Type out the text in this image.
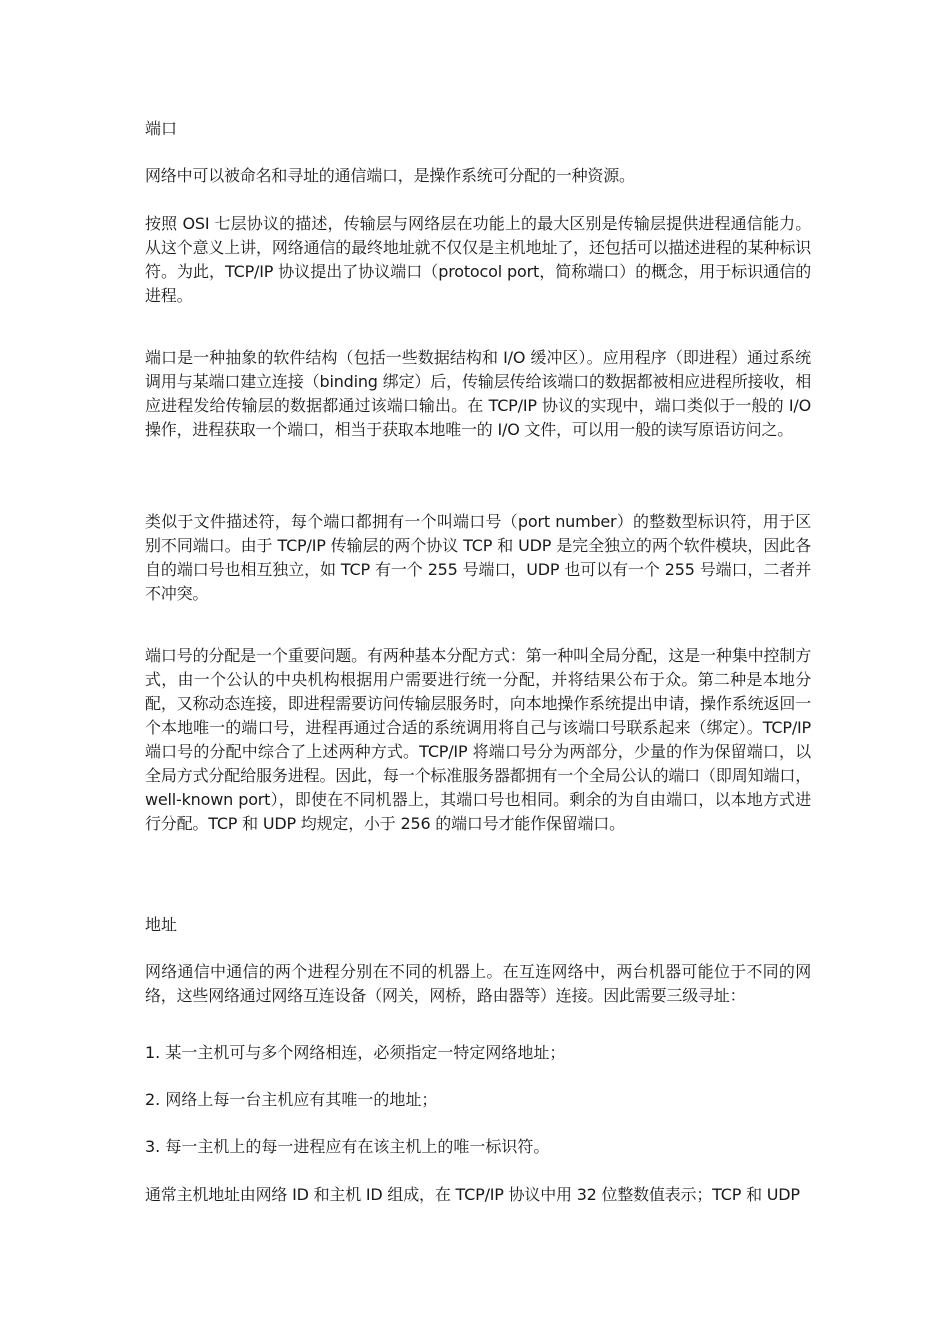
端口

网络中可以被命名和寻址的通信端口，是操作系统可分配的一种资源。

按照 OSI 七层协议的描述，传输层与网络层在功能上的最大区别是传输层提供进程通信能力。从这个意义上讲，网络通信的最终地址就不仅仅是主机地址了，还包括可以描述进程的某种标识符。为此，TCP/IP 协议提出了协议端口（protocol port，简称端口）的概念，用于标识通信的进程。

端口是一种抽象的软件结构（包括一些数据结构和 I/O 缓冲区）。应用程序（即进程）通过系统调用与某端口建立连接（binding 绑定）后，传输层传给该端口的数据都被相应进程所接收，相应进程发给传输层的数据都通过该端口输出。在 TCP/IP 协议的实现中，端口类似于一般的 I/O 操作，进程获取一个端口，相当于获取本地唯一的 I/O 文件，可以用一般的读写原语访问之。

类似于文件描述符，每个端口都拥有一个叫端口号（port number）的整数型标识符，用于区别不同端口。由于 TCP/IP 传输层的两个协议 TCP 和 UDP 是完全独立的两个软件模块，因此各自的端口号也相互独立，如 TCP 有一个 255 号端口，UDP 也可以有一个 255 号端口，二者并不冲突。

端口号的分配是一个重要问题。有两种基本分配方式：第一种叫全局分配，这是一种集中控制方式，由一个公认的中央机构根据用户需要进行统一分配，并将结果公布于众。第二种是本地分配，又称动态连接，即进程需要访问传输层服务时，向本地操作系统提出申请，操作系统返回一个本地唯一的端口号，进程再通过合适的系统调用将自己与该端口号联系起来（绑定）。TCP/IP 端口号的分配中综合了上述两种方式。TCP/IP 将端口号分为两部分，少量的作为保留端口，以全局方式分配给服务进程。因此，每一个标准服务器都拥有一个全局公认的端口（即周知端口，well-known port），即使在不同机器上，其端口号也相同。剩余的为自由端口，以本地方式进行分配。TCP 和 UDP 均规定，小于 256 的端口号才能作保留端口。

地址

网络通信中通信的两个进程分别在不同的机器上。在互连网络中，两台机器可能位于不同的网络，这些网络通过网络互连设备（网关，网桥，路由器等）连接。因此需要三级寻址：

1. 某一主机可与多个网络相连，必须指定一特定网络地址；

2. 网络上每一台主机应有其唯一的地址；

3. 每一主机上的每一进程应有在该主机上的唯一标识符。

通常主机地址由网络 ID 和主机 ID 组成，在 TCP/IP 协议中用 32 位整数值表示；TCP 和 UDP
